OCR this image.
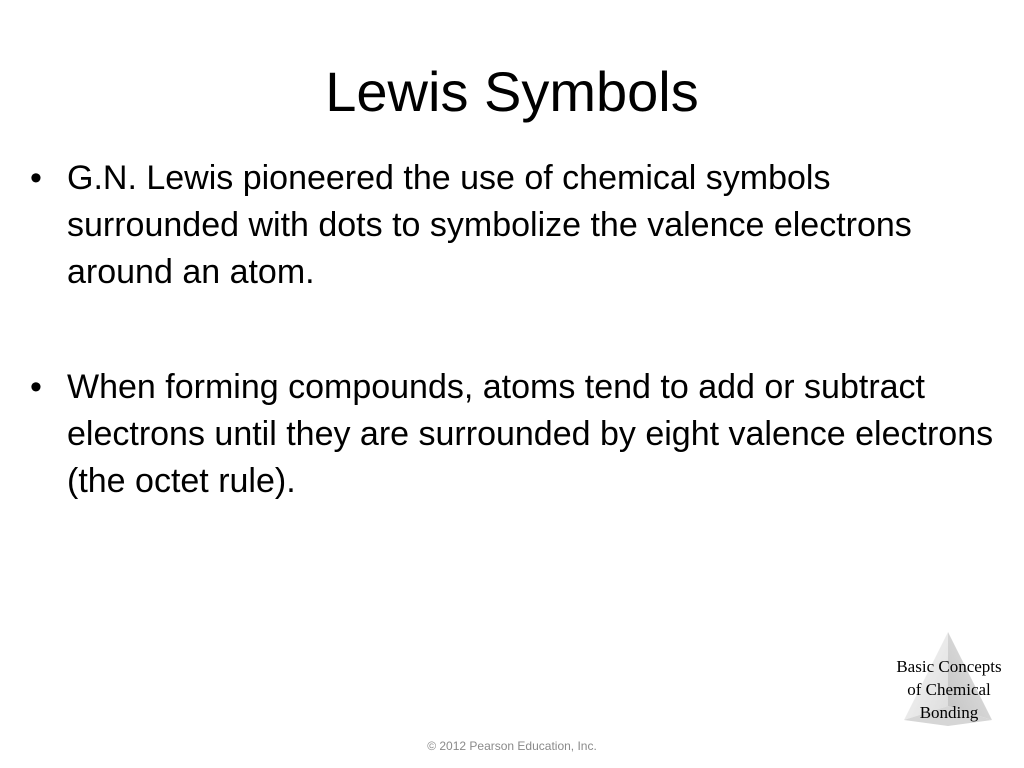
Lewis Symbols
• G.N. Lewis pioneered the use of chemical symbols surrounded with dots to symbolize the valence electrons around an atom.
• When forming compounds, atoms tend to add or subtract electrons until they are surrounded by eight valence electrons (the octet rule).
Basic Concepts
of Chemical
Bonding
© 2012 Pearson Education, Inc.
